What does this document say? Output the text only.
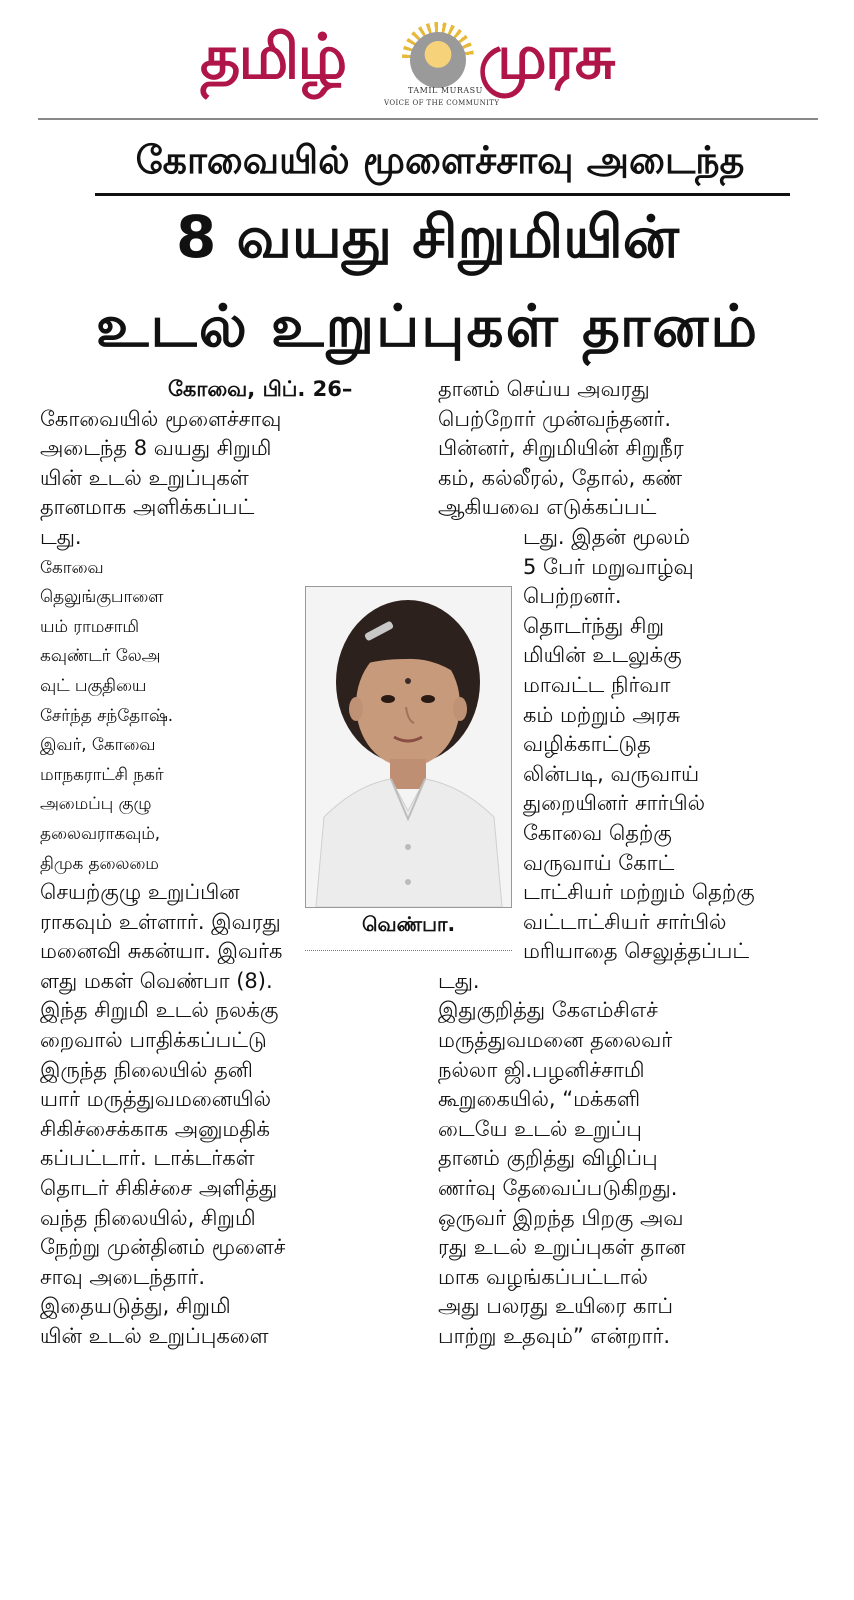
தமிழ் முரசு
TAMIL MURASU
VOICE OF THE COMMUNITY
கோவையில் மூளைச்சாவு அடைந்த
8 வயது சிறுமியின்
உடல் உறுப்புகள் தானம்
கோவை, பிப். 26–
கோவையில் மூளைச்சாவு
அடைந்த 8 வயது சிறுமி
யின் உடல் உறுப்புகள்
தானமாக அளிக்கப்பட்
டது.
கோவை
தெலுங்குபாளை
யம் ராமசாமி
கவுண்டர் லேஅ
வுட் பகுதியை
சேர்ந்த சந்தோஷ்.
இவர், கோவை
மாநகராட்சி நகர்
அமைப்பு குழு
தலைவராகவும்,
திமுக தலைமை
செயற்குழு உறுப்பின
ராகவும் உள்ளார். இவரது
மனைவி சுகன்யா. இவர்க
ளது மகள் வெண்பா (8).
இந்த சிறுமி உடல் நலக்கு
றைவால் பாதிக்கப்பட்டு
இருந்த நிலையில் தனி
யார் மருத்துவமனையில்
சிகிச்சைக்காக அனுமதிக்
கப்பட்டார். டாக்டர்கள்
தொடர் சிகிச்சை அளித்து
வந்த நிலையில், சிறுமி
நேற்று முன்தினம் மூளைச்
சாவு அடைந்தார்.
இதையடுத்து, சிறுமி
யின் உடல் உறுப்புகளை
வெண்பா.
தானம் செய்ய அவரது
பெற்றோர் முன்வந்தனர்.
பின்னர், சிறுமியின் சிறுநீர
கம், கல்லீரல், தோல், கண்
ஆகியவை எடுக்கப்பட்
டது. இதன் மூலம்
5 பேர் மறுவாழ்வு
பெற்றனர்.
தொடர்ந்து சிறு
மியின் உடலுக்கு
மாவட்ட நிர்வா
கம் மற்றும் அரசு
வழிக்காட்டுத
லின்படி, வருவாய்
துறையினர் சார்பில்
கோவை தெற்கு
வருவாய் கோட்
டாட்சியர் மற்றும் தெற்கு
வட்டாட்சியர் சார்பில்
மரியாதை செலுத்தப்பட்
டது.
இதுகுறித்து கேஎம்சிஎச்
மருத்துவமனை தலைவர்
நல்லா ஜி.பழனிச்சாமி
கூறுகையில், “மக்களி
டையே உடல் உறுப்பு
தானம் குறித்து விழிப்பு
ணர்வு தேவைப்படுகிறது.
ஒருவர் இறந்த பிறகு அவ
ரது உடல் உறுப்புகள் தான
மாக வழங்கப்பட்டால்
அது பலரது உயிரை காப்
பாற்று உதவும்” என்றார்.
